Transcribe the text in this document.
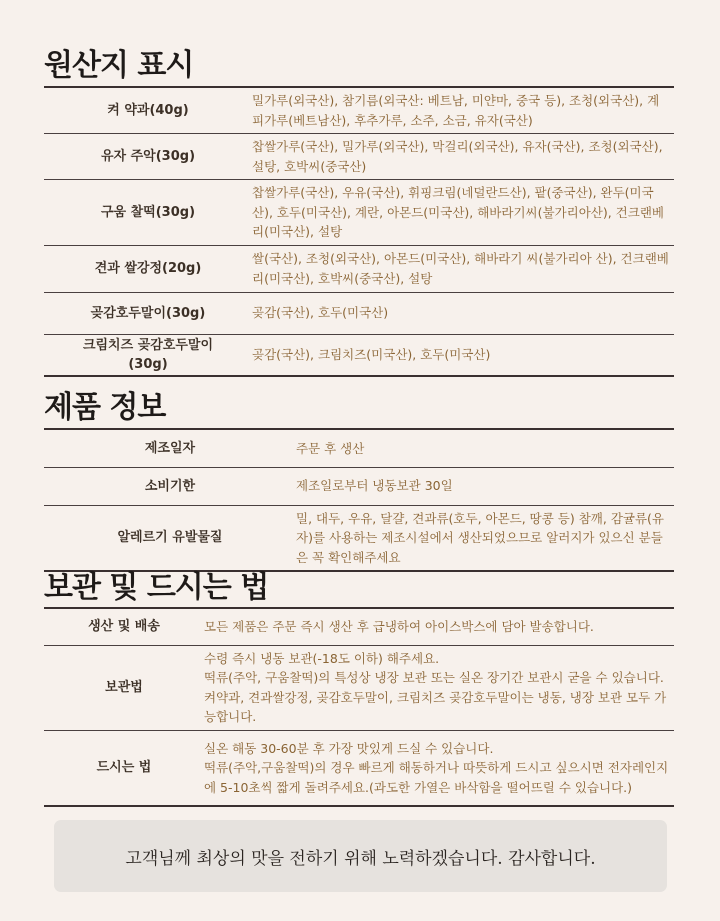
원산지 표시
켜 약과(40g)	밀가루(외국산), 참기름(외국산: 베트남, 미얀마, 중국 등), 조청(외국산), 계피가루(베트남산), 후추가루, 소주, 소금, 유자(국산)
유자 주악(30g)	찹쌀가루(국산), 밀가루(외국산), 막걸리(외국산), 유자(국산), 조청(외국산), 설탕, 호박씨(중국산)
구움 찰떡(30g)	찹쌀가루(국산), 우유(국산), 휘핑크림(네덜란드산), 팥(중국산), 완두(미국산), 호두(미국산), 계란, 아몬드(미국산), 해바라기씨(불가리아산), 건크랜베리(미국산), 설탕
견과 쌀강정(20g)	쌀(국산), 조청(외국산), 아몬드(미국산), 해바라기 씨(불가리아 산), 건크랜베리(미국산), 호박씨(중국산), 설탕
곶감호두말이(30g)	곶감(국산), 호두(미국산)
크림치즈 곶감호두말이(30g)	곶감(국산), 크림치즈(미국산), 호두(미국산)
제품 정보
제조일자	주문 후 생산
소비기한	제조일로부터 냉동보관 30일
알레르기 유발물질	밀, 대두, 우유, 달걀, 견과류(호두, 아몬드, 땅콩 등) 참깨, 감귤류(유자)를 사용하는 제조시설에서 생산되었으므로 알러지가 있으신 분들은 꼭 확인해주세요
보관 및 드시는 법
생산 및 배송	모든 제품은 주문 즉시 생산 후 급냉하여 아이스박스에 담아 발송합니다.
보관법	수령 즉시 냉동 보관(-18도 이하) 해주세요.
떡류(주악, 구움찰떡)의 특성상 냉장 보관 또는 실온 장기간 보관시 굳을 수 있습니다.
켜약과, 견과쌀강정, 곶감호두말이, 크림치즈 곶감호두말이는 냉동, 냉장 보관 모두 가능합니다.
드시는 법	실온 해동 30-60분 후 가장 맛있게 드실 수 있습니다.
떡류(주악,구움찰떡)의 경우 빠르게 해동하거나 따뜻하게 드시고 싶으시면 전자레인지에 5-10초씩 짧게 돌려주세요.(과도한 가열은 바삭함을 떨어뜨릴 수 있습니다.)
고객님께 최상의 맛을 전하기 위해 노력하겠습니다. 감사합니다.
